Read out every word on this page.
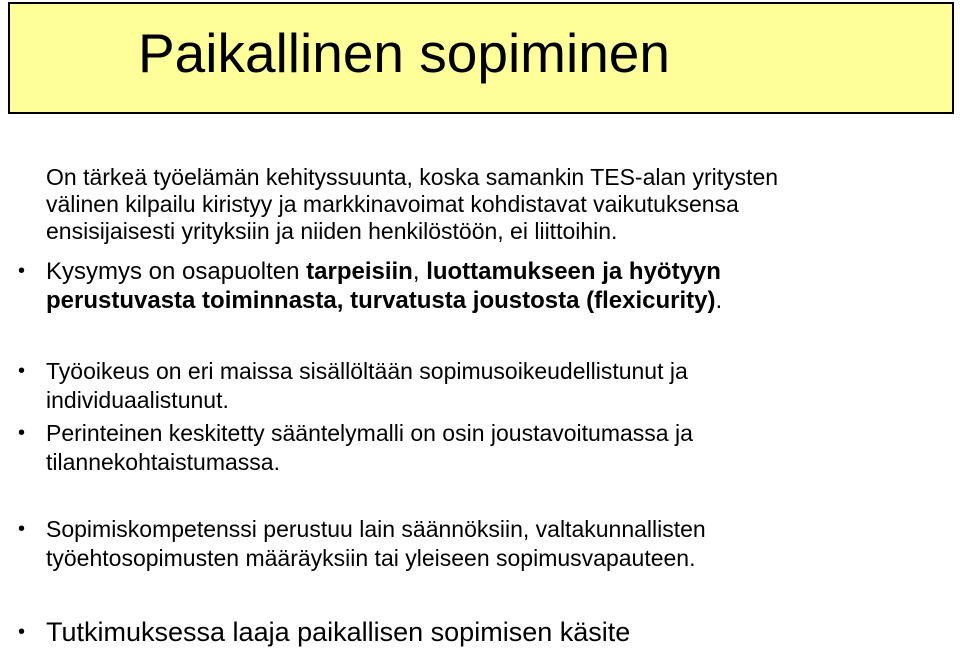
Paikallinen sopiminen
On tärkeä työelämän kehityssuunta, koska samankin TES-alan yritysten
välinen kilpailu kiristyy ja markkinavoimat kohdistavat vaikutuksensa
ensisijaisesti yrityksiin ja niiden henkilöstöön, ei liittoihin.
• Kysymys on osapuolten tarpeisiin, luottamukseen ja hyötyyn
perustuvasta toiminnasta, turvatusta joustosta (flexicurity).
• Työoikeus on eri maissa sisällöltään sopimusoikeudellistunut ja
individuaalistunut.
• Perinteinen keskitetty sääntelymalli on osin joustavoitumassa ja
tilannekohtaistumassa.
• Sopimiskompetenssi perustuu lain säännöksiin, valtakunnallisten
työehtosopimusten määräyksiin tai yleiseen sopimusvapauteen.
• Tutkimuksessa laaja paikallisen sopimisen käsite
